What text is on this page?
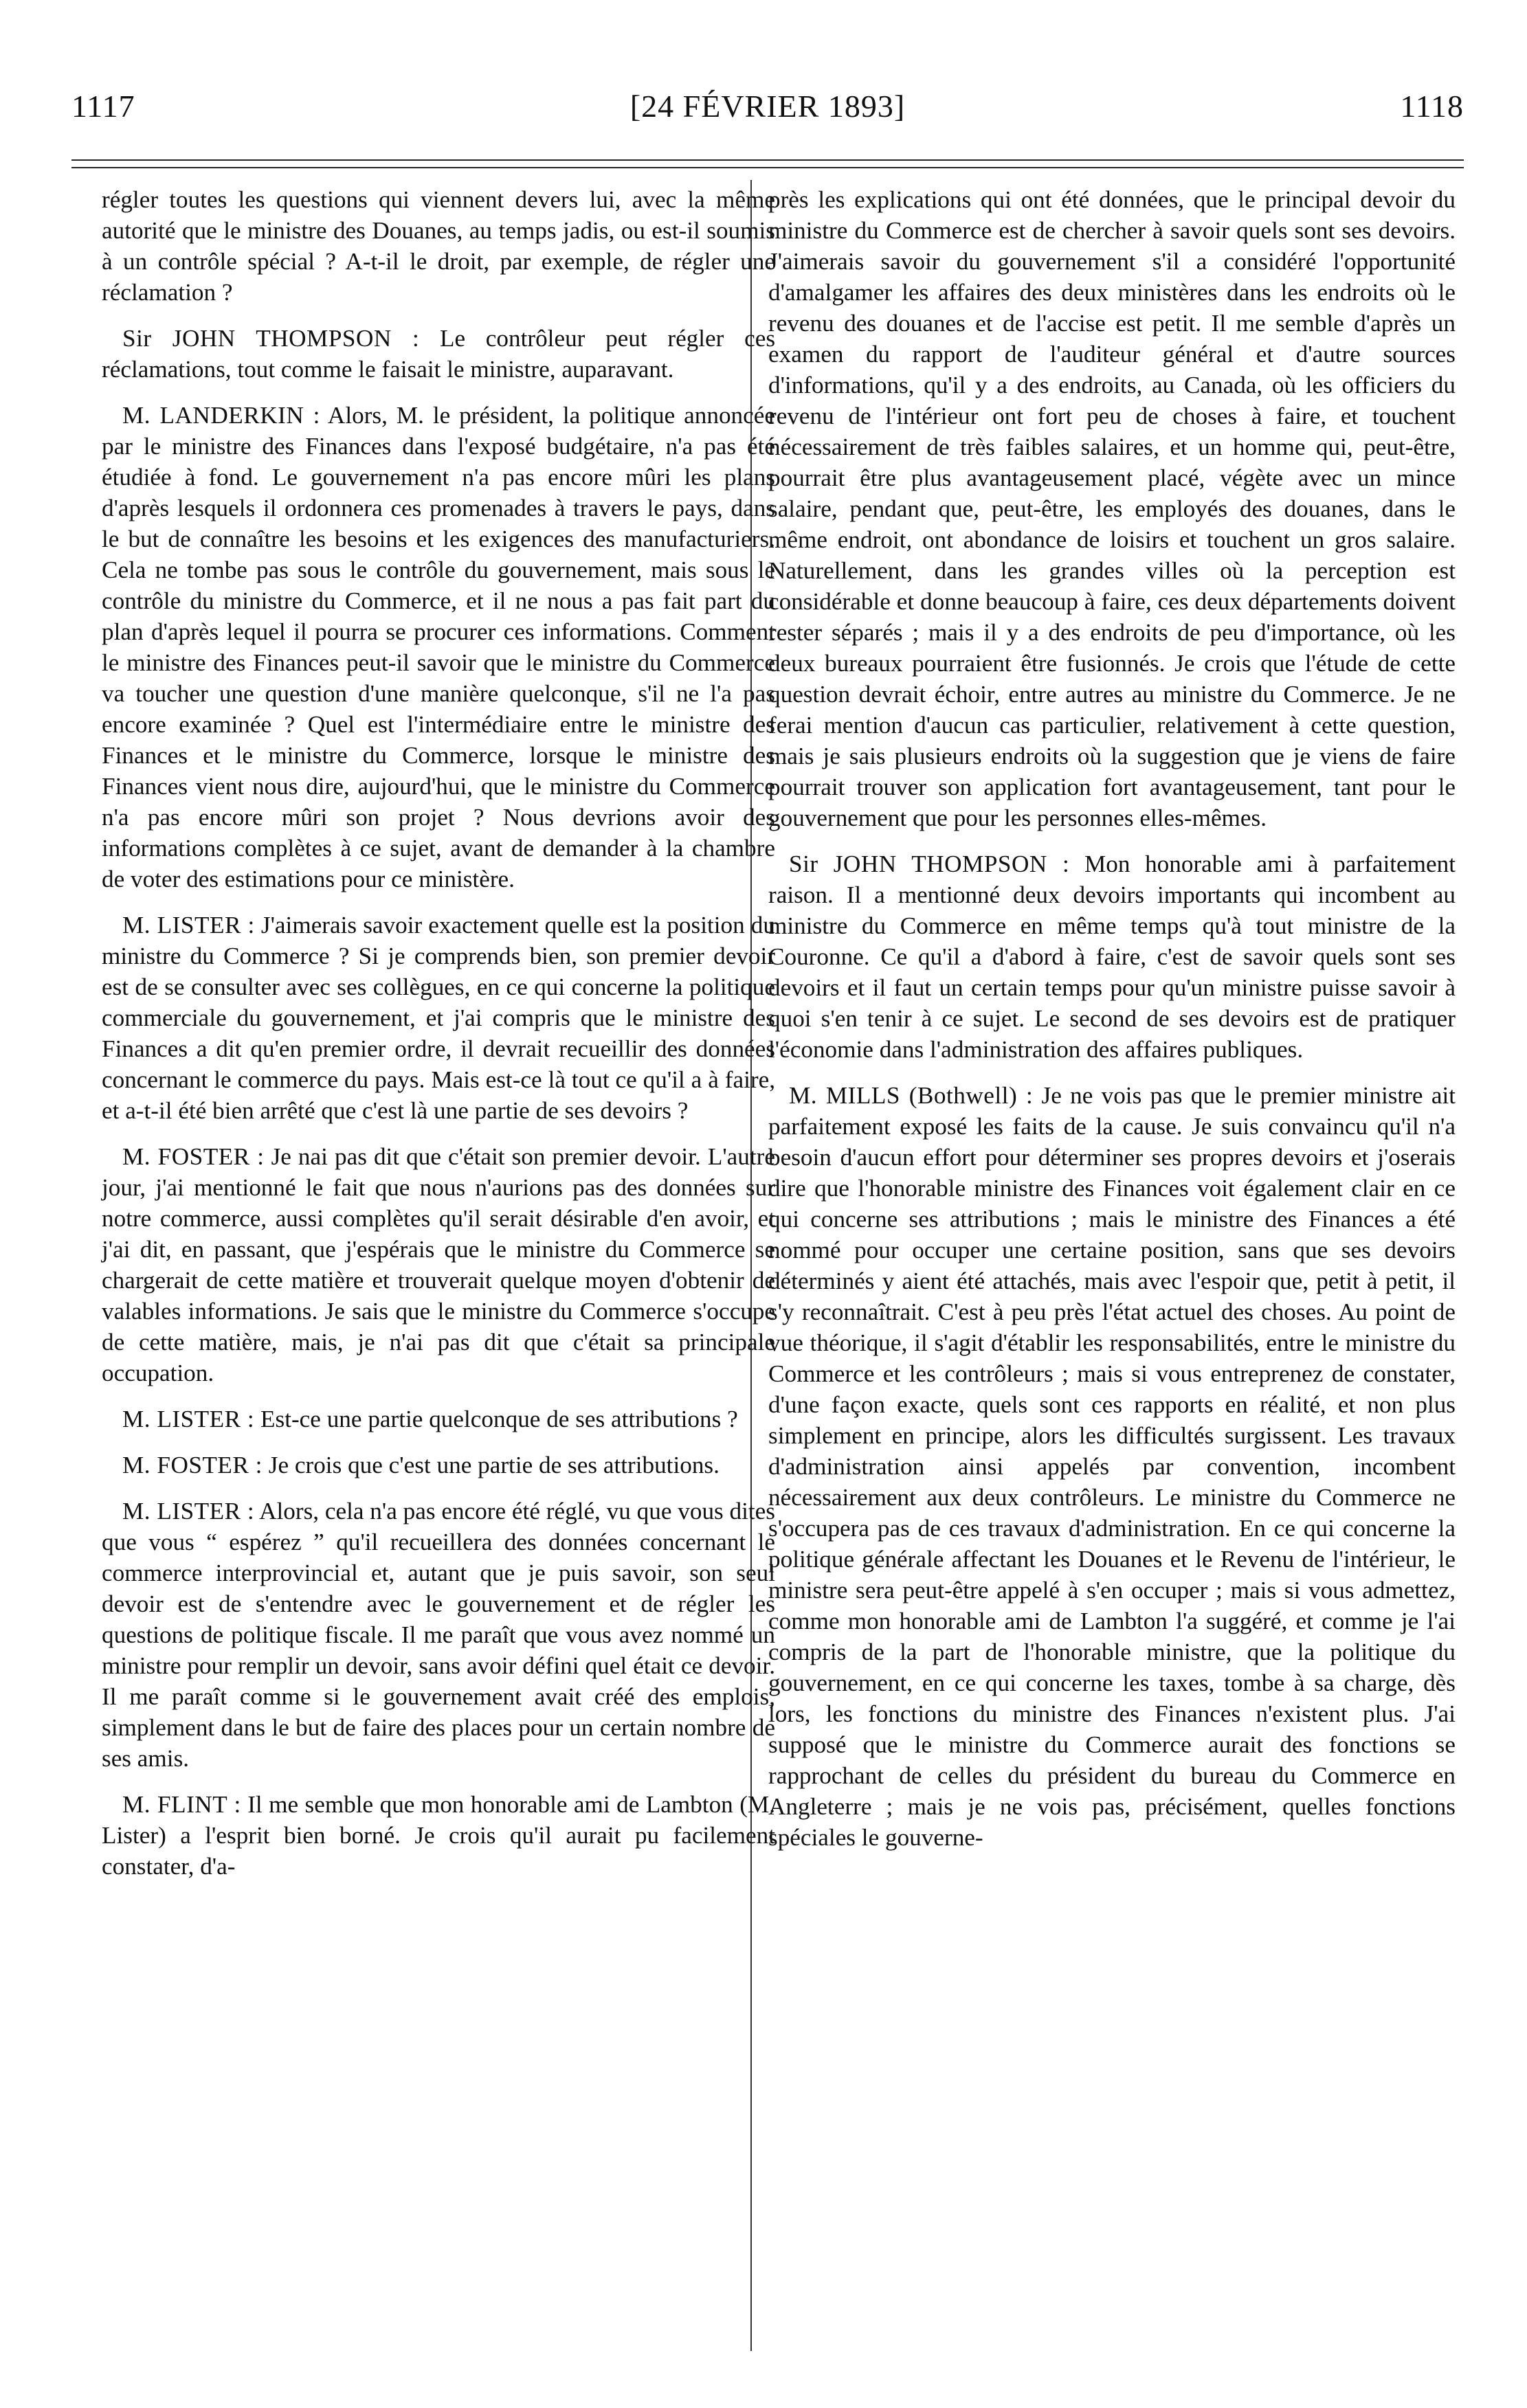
1117	[24 FÉVRIER 1893]	1118

régler toutes les questions qui viennent devers lui, avec la même autorité que le ministre des Douanes, au temps jadis, ou est-il soumis à un contrôle spécial ? A-t-il le droit, par exemple, de régler une réclamation ?

Sir JOHN THOMPSON : Le contrôleur peut régler ces réclamations, tout comme le faisait le ministre, auparavant.

M. LANDERKIN : Alors, M. le président, la politique annoncée par le ministre des Finances dans l'exposé budgétaire, n'a pas été étudiée à fond. Le gouvernement n'a pas encore mûri les plans d'après lesquels il ordonnera ces promenades à travers le pays, dans le but de connaître les besoins et les exigences des manufacturiers. Cela ne tombe pas sous le contrôle du gouvernement, mais sous le contrôle du ministre du Commerce, et il ne nous a pas fait part du plan d'après lequel il pourra se procurer ces informations. Comment le ministre des Finances peut-il savoir que le ministre du Commerce va toucher une question d'une manière quelconque, s'il ne l'a pas encore examinée ? Quel est l'intermédiaire entre le ministre des Finances et le ministre du Commerce, lorsque le ministre des Finances vient nous dire, aujourd'hui, que le ministre du Commerce n'a pas encore mûri son projet ? Nous devrions avoir des informations complètes à ce sujet, avant de demander à la chambre de voter des estimations pour ce ministère.

M. LISTER : J'aimerais savoir exactement quelle est la position du ministre du Commerce ? Si je comprends bien, son premier devoir est de se consulter avec ses collègues, en ce qui concerne la politique commerciale du gouvernement, et j'ai compris que le ministre des Finances a dit qu'en premier ordre, il devrait recueillir des données concernant le commerce du pays. Mais est-ce là tout ce qu'il a à faire, et a-t-il été bien arrêté que c'est là une partie de ses devoirs ?

M. FOSTER : Je nai pas dit que c'était son premier devoir. L'autre jour, j'ai mentionné le fait que nous n'aurions pas des données sur notre commerce, aussi complètes qu'il serait désirable d'en avoir, et j'ai dit, en passant, que j'espérais que le ministre du Commerce se chargerait de cette matière et trouverait quelque moyen d'obtenir de valables informations. Je sais que le ministre du Commerce s'occupe de cette matière, mais, je n'ai pas dit que c'était sa principale occupation.

M. LISTER : Est-ce une partie quelconque de ses attributions ?

M. FOSTER : Je crois que c'est une partie de ses attributions.

M. LISTER : Alors, cela n'a pas encore été réglé, vu que vous dites que vous “ espérez ” qu'il recueillera des données concernant le commerce interprovincial et, autant que je puis savoir, son seul devoir est de s'entendre avec le gouvernement et de régler les questions de politique fiscale. Il me paraît que vous avez nommé un ministre pour remplir un devoir, sans avoir défini quel était ce devoir. Il me paraît comme si le gouvernement avait créé des emplois, simplement dans le but de faire des places pour un certain nombre de ses amis.

M. FLINT : Il me semble que mon honorable ami de Lambton (M. Lister) a l'esprit bien borné. Je crois qu'il aurait pu facilement constater, d'a-

près les explications qui ont été données, que le principal devoir du ministre du Commerce est de chercher à savoir quels sont ses devoirs. J'aimerais savoir du gouvernement s'il a considéré l'opportunité d'amalgamer les affaires des deux ministères dans les endroits où le revenu des douanes et de l'accise est petit. Il me semble d'après un examen du rapport de l'auditeur général et d'autre sources d'informations, qu'il y a des endroits, au Canada, où les officiers du revenu de l'intérieur ont fort peu de choses à faire, et touchent nécessairement de très faibles salaires, et un homme qui, peut-être, pourrait être plus avantageusement placé, végète avec un mince salaire, pendant que, peut-être, les employés des douanes, dans le même endroit, ont abondance de loisirs et touchent un gros salaire. Naturellement, dans les grandes villes où la perception est considérable et donne beaucoup à faire, ces deux départements doivent rester séparés ; mais il y a des endroits de peu d'importance, où les deux bureaux pourraient être fusionnés. Je crois que l'étude de cette question devrait échoir, entre autres au ministre du Commerce. Je ne ferai mention d'aucun cas particulier, relativement à cette question, mais je sais plusieurs endroits où la suggestion que je viens de faire pourrait trouver son application fort avantageusement, tant pour le gouvernement que pour les personnes elles-mêmes.

Sir JOHN THOMPSON : Mon honorable ami à parfaitement raison. Il a mentionné deux devoirs importants qui incombent au ministre du Commerce en même temps qu'à tout ministre de la Couronne. Ce qu'il a d'abord à faire, c'est de savoir quels sont ses devoirs et il faut un certain temps pour qu'un ministre puisse savoir à quoi s'en tenir à ce sujet. Le second de ses devoirs est de pratiquer l'économie dans l'administration des affaires publiques.

M. MILLS (Bothwell) : Je ne vois pas que le premier ministre ait parfaitement exposé les faits de la cause. Je suis convaincu qu'il n'a besoin d'aucun effort pour déterminer ses propres devoirs et j'oserais dire que l'honorable ministre des Finances voit également clair en ce qui concerne ses attributions ; mais le ministre des Finances a été nommé pour occuper une certaine position, sans que ses devoirs déterminés y aient été attachés, mais avec l'espoir que, petit à petit, il s'y reconnaîtrait. C'est à peu près l'état actuel des choses. Au point de vue théorique, il s'agit d'établir les responsabilités, entre le ministre du Commerce et les contrôleurs ; mais si vous entreprenez de constater, d'une façon exacte, quels sont ces rapports en réalité, et non plus simplement en principe, alors les difficultés surgissent. Les travaux d'administration ainsi appelés par convention, incombent nécessairement aux deux contrôleurs. Le ministre du Commerce ne s'occupera pas de ces travaux d'administration. En ce qui concerne la politique générale affectant les Douanes et le Revenu de l'intérieur, le ministre sera peut-être appelé à s'en occuper ; mais si vous admettez, comme mon honorable ami de Lambton l'a suggéré, et comme je l'ai compris de la part de l'honorable ministre, que la politique du gouvernement, en ce qui concerne les taxes, tombe à sa charge, dès lors, les fonctions du ministre des Finances n'existent plus. J'ai supposé que le ministre du Commerce aurait des fonctions se rapprochant de celles du président du bureau du Commerce en Angleterre ; mais je ne vois pas, précisément, quelles fonctions spéciales le gouverne-
